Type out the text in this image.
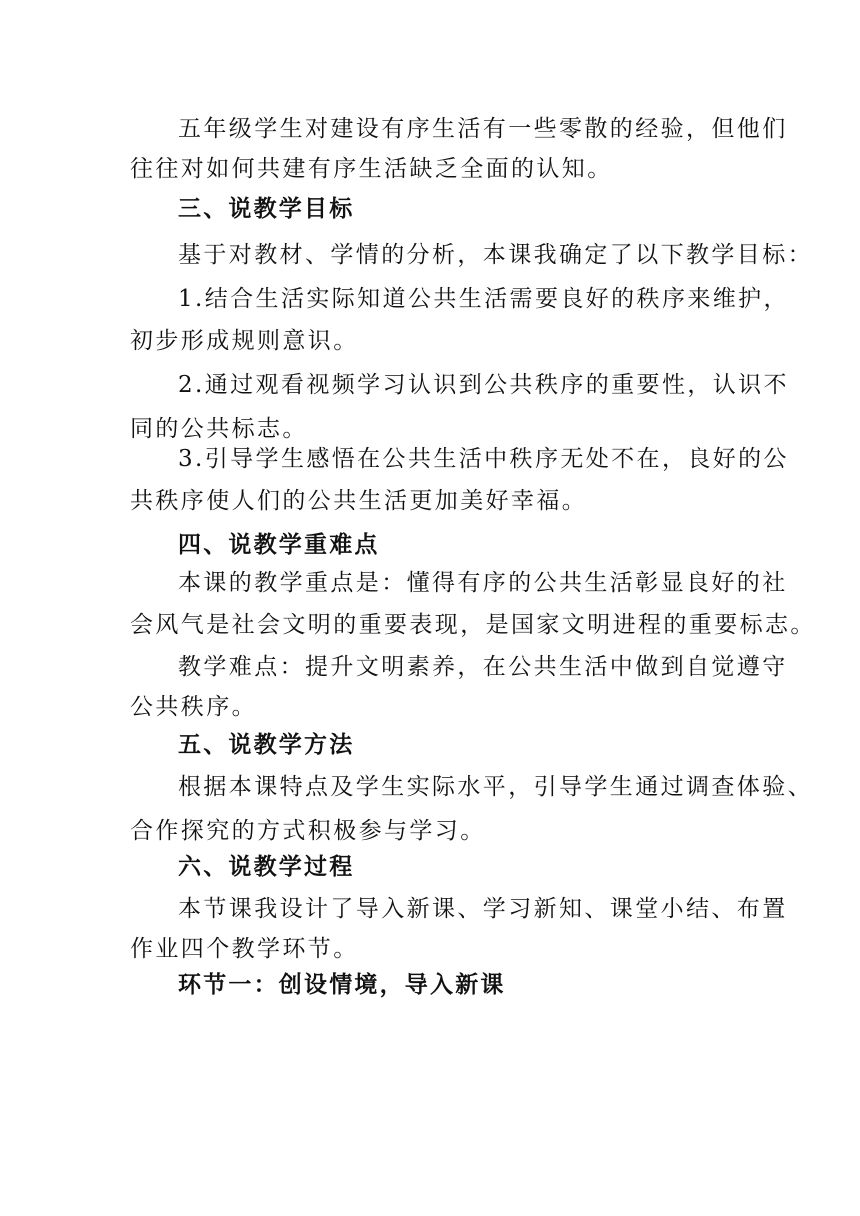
五年级学生对建设有序生活有一些零散的经验，但他们
往往对如何共建有序生活缺乏全面的认知。
三、说教学目标
基于对教材、学情的分析，本课我确定了以下教学目标：
1.结合生活实际知道公共生活需要良好的秩序来维护，
初步形成规则意识。
2.通过观看视频学习认识到公共秩序的重要性，认识不
同的公共标志。
3.引导学生感悟在公共生活中秩序无处不在，良好的公
共秩序使人们的公共生活更加美好幸福。
四、说教学重难点
本课的教学重点是：懂得有序的公共生活彰显良好的社
会风气是社会文明的重要表现，是国家文明进程的重要标志。
教学难点：提升文明素养，在公共生活中做到自觉遵守
公共秩序。
五、说教学方法
根据本课特点及学生实际水平，引导学生通过调查体验、
合作探究的方式积极参与学习。
六、说教学过程
本节课我设计了导入新课、学习新知、课堂小结、布置
作业四个教学环节。
环节一：创设情境，导入新课
